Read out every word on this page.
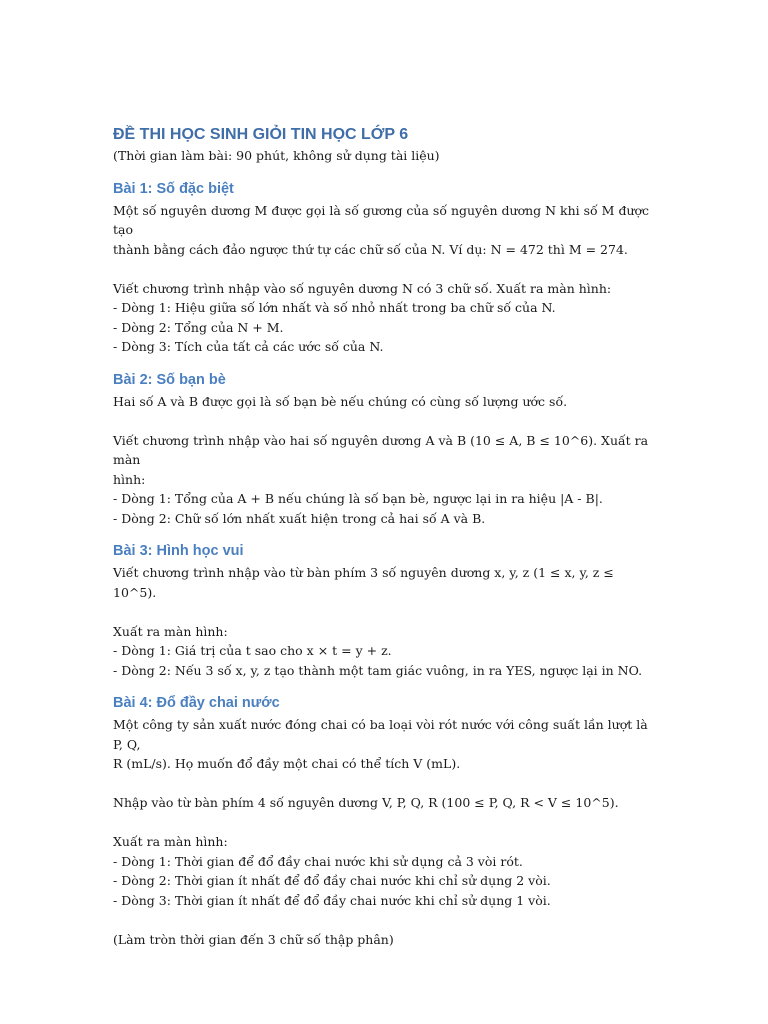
ĐỀ THI HỌC SINH GIỎI TIN HỌC LỚP 6

(Thời gian làm bài: 90 phút, không sử dụng tài liệu)

Bài 1: Số đặc biệt

Một số nguyên dương M được gọi là số gương của số nguyên dương N khi số M được tạo

thành bằng cách đảo ngược thứ tự các chữ số của N. Ví dụ: N = 472 thì M = 274.

Viết chương trình nhập vào số nguyên dương N có 3 chữ số. Xuất ra màn hình:

- Dòng 1: Hiệu giữa số lớn nhất và số nhỏ nhất trong ba chữ số của N.

- Dòng 2: Tổng của N + M.

- Dòng 3: Tích của tất cả các ước số của N.

Bài 2: Số bạn bè

Hai số A và B được gọi là số bạn bè nếu chúng có cùng số lượng ước số.

Viết chương trình nhập vào hai số nguyên dương A và B (10 ≤ A, B ≤ 10^6). Xuất ra màn

hình:

- Dòng 1: Tổng của A + B nếu chúng là số bạn bè, ngược lại in ra hiệu |A - B|.

- Dòng 2: Chữ số lớn nhất xuất hiện trong cả hai số A và B.

Bài 3: Hình học vui

Viết chương trình nhập vào từ bàn phím 3 số nguyên dương x, y, z (1 ≤ x, y, z ≤ 10^5).

Xuất ra màn hình:

- Dòng 1: Giá trị của t sao cho x × t = y + z.

- Dòng 2: Nếu 3 số x, y, z tạo thành một tam giác vuông, in ra YES, ngược lại in NO.

Bài 4: Đổ đầy chai nước

Một công ty sản xuất nước đóng chai có ba loại vòi rót nước với công suất lần lượt là P, Q,

R (mL/s). Họ muốn đổ đầy một chai có thể tích V (mL).

Nhập vào từ bàn phím 4 số nguyên dương V, P, Q, R (100 ≤ P, Q, R < V ≤ 10^5).

Xuất ra màn hình:

- Dòng 1: Thời gian để đổ đầy chai nước khi sử dụng cả 3 vòi rót.

- Dòng 2: Thời gian ít nhất để đổ đầy chai nước khi chỉ sử dụng 2 vòi.

- Dòng 3: Thời gian ít nhất để đổ đầy chai nước khi chỉ sử dụng 1 vòi.

(Làm tròn thời gian đến 3 chữ số thập phân)
